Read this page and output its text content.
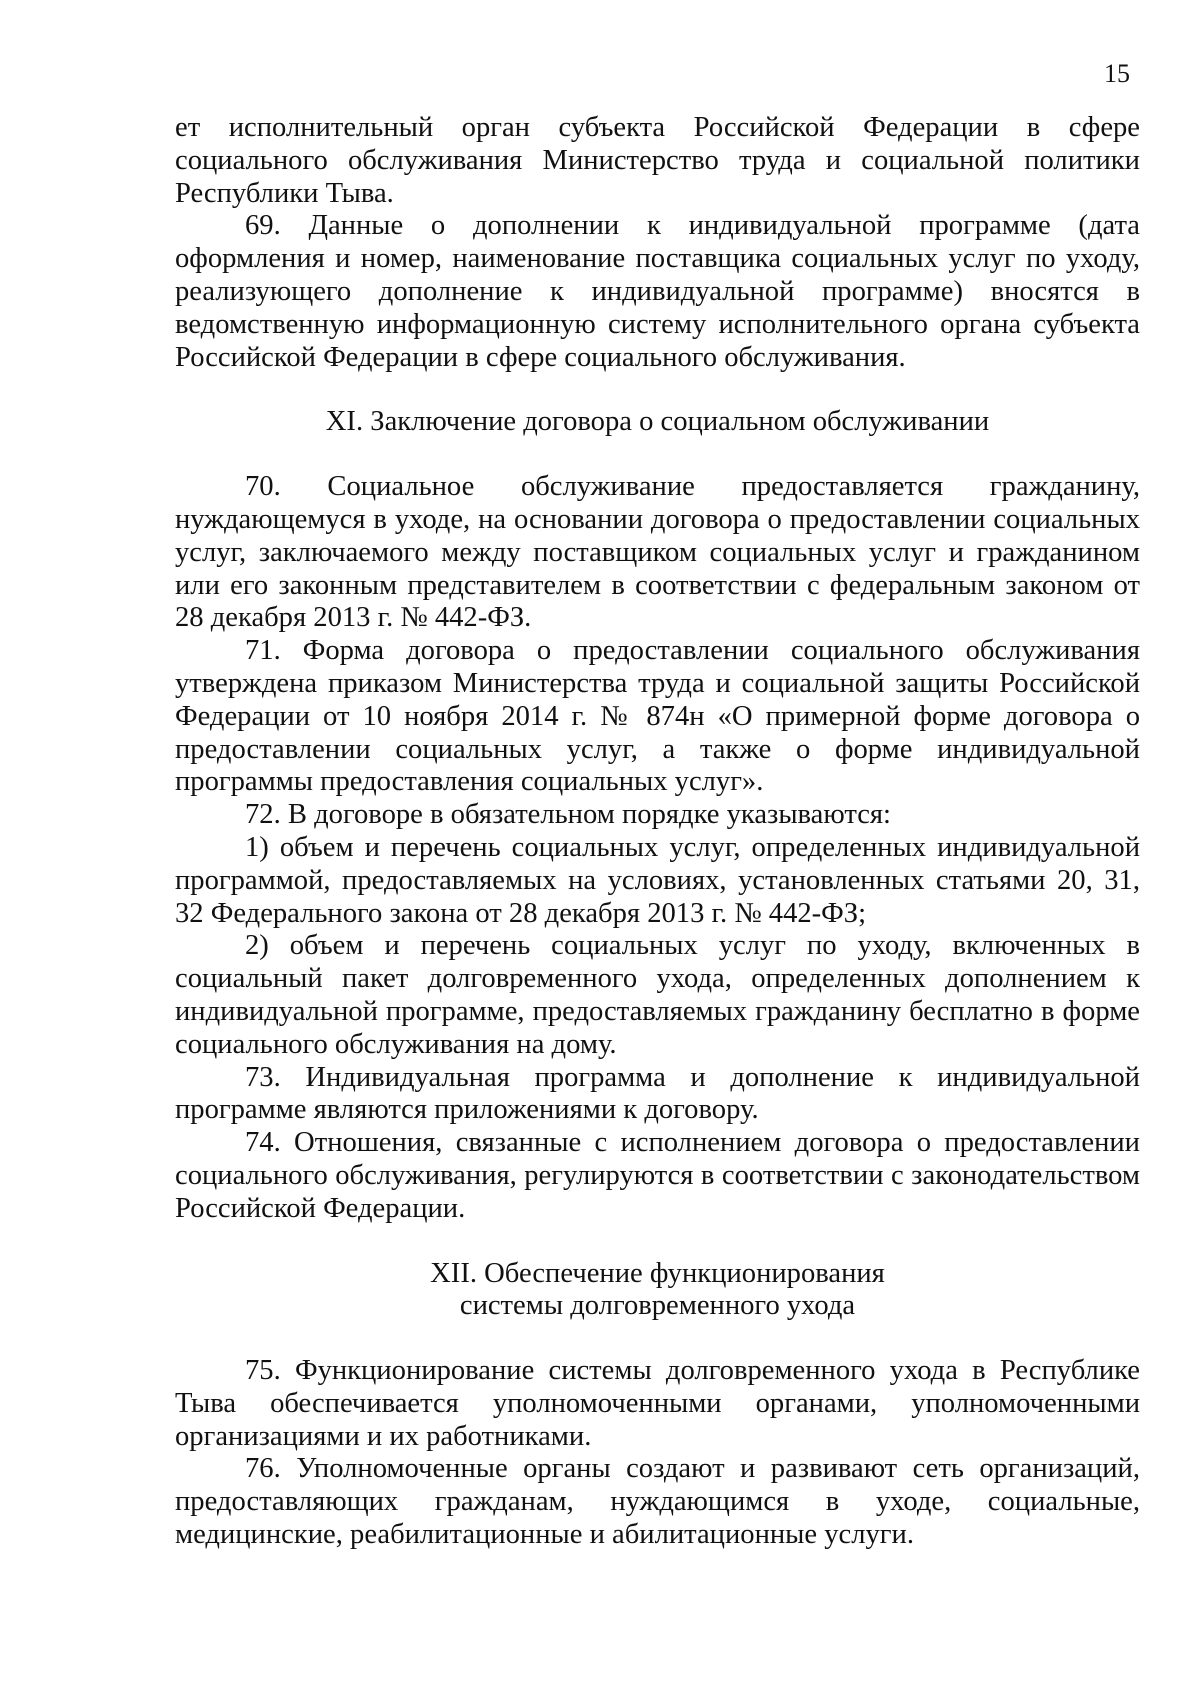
15

ет исполнительный орган субъекта Российской Федерации в сфере социального обслуживания Министерство труда и социальной политики Республики Тыва.

69. Данные о дополнении к индивидуальной программе (дата оформления и номер, наименование поставщика социальных услуг по уходу, реализующего дополнение к индивидуальной программе) вносятся в ведомственную информационную систему исполнительного органа субъекта Российской Федерации в сфере социального обслуживания.

XI. Заключение договора о социальном обслуживании

70. Социальное обслуживание предоставляется гражданину, нуждающемуся в уходе, на основании договора о предоставлении социальных услуг, заключаемого между поставщиком социальных услуг и гражданином или его законным представителем в соответствии с федеральным законом от 28 декабря 2013 г. № 442-ФЗ.

71. Форма договора о предоставлении социального обслуживания утверждена приказом Министерства труда и социальной защиты Российской Федерации от 10 ноября 2014 г. № 874н «О примерной форме договора о предоставлении социальных услуг, а также о форме индивидуальной программы предоставления социальных услуг».

72. В договоре в обязательном порядке указываются:

1) объем и перечень социальных услуг, определенных индивидуальной программой, предоставляемых на условиях, установленных статьями 20, 31, 32 Федерального закона от 28 декабря 2013 г. № 442-ФЗ;

2) объем и перечень социальных услуг по уходу, включенных в социальный пакет долговременного ухода, определенных дополнением к индивидуальной программе, предоставляемых гражданину бесплатно в форме социального обслуживания на дому.

73. Индивидуальная программа и дополнение к индивидуальной программе являются приложениями к договору.

74. Отношения, связанные с исполнением договора о предоставлении социального обслуживания, регулируются в соответствии с законодательством Российской Федерации.

XII. Обеспечение функционирования
системы долговременного ухода

75. Функционирование системы долговременного ухода в Республике Тыва обеспечивается уполномоченными органами, уполномоченными организациями и их работниками.

76. Уполномоченные органы создают и развивают сеть организаций, предоставляющих гражданам, нуждающимся в уходе, социальные, медицинские, реабилитационные и абилитационные услуги.
